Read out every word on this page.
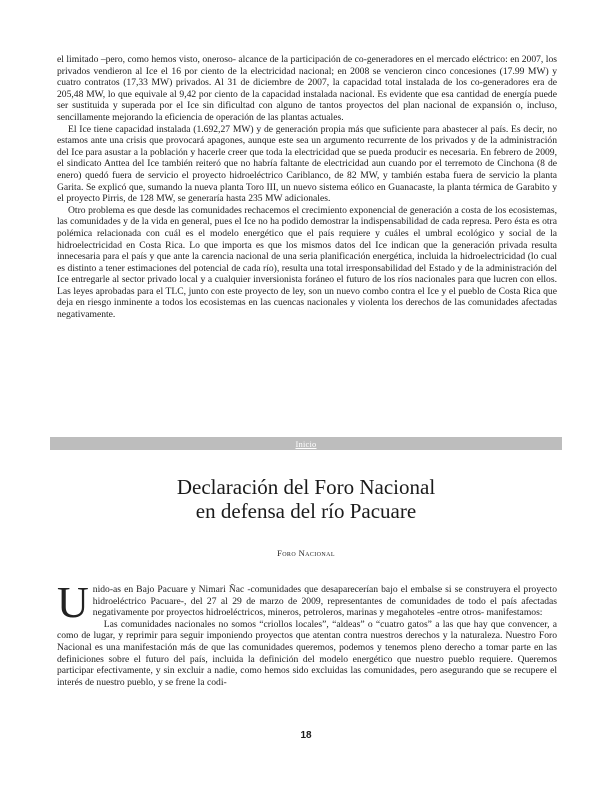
el limitado –pero, como hemos visto, oneroso- alcance de la participación de co-generadores en el mercado eléctrico: en 2007, los privados vendieron al Ice el 16 por ciento de la electricidad nacional; en 2008 se vencieron cinco concesiones (17.99 MW) y cuatro contratos (17,33 MW) privados. Al 31 de diciembre de 2007, la capacidad total instalada de los co-generadores era de 205,48 MW, lo que equivale al 9,42 por ciento de la capacidad instalada nacional. Es evidente que esa cantidad de energía puede ser sustituida y superada por el Ice sin dificultad con alguno de tantos proyectos del plan nacional de expansión o, incluso, sencillamente mejorando la eficiencia de operación de las plantas actuales.

El Ice tiene capacidad instalada (1.692,27 MW) y de generación propia más que suficiente para abastecer al país. Es decir, no estamos ante una crisis que provocará apagones, aunque este sea un argumento recurrente de los privados y de la administración del Ice para asustar a la población y hacerle creer que toda la electricidad que se pueda producir es necesaria. En febrero de 2009, el sindicato Anttea del Ice también reiteró que no habría faltante de electricidad aun cuando por el terremoto de Cinchona (8 de enero) quedó fuera de servicio el proyecto hidroeléctrico Cariblanco, de 82 MW, y también estaba fuera de servicio la planta Garita. Se explicó que, sumando la nueva planta Toro III, un nuevo sistema eólico en Guanacaste, la planta térmica de Garabito y el proyecto Pirris, de 128 MW, se generaría hasta 235 MW adicionales.

Otro problema es que desde las comunidades rechacemos el crecimiento exponencial de generación a costa de los ecosistemas, las comunidades y de la vida en general, pues el Ice no ha podido demostrar la indispensabilidad de cada represa. Pero ésta es otra polémica relacionada con cuál es el modelo energético que el país requiere y cuáles el umbral ecológico y social de la hidroelectricidad en Costa Rica. Lo que importa es que los mismos datos del Ice indican que la generación privada resulta innecesaria para el país y que ante la carencia nacional de una seria planificación energética, incluida la hidroelectricidad (lo cual es distinto a tener estimaciones del potencial de cada río), resulta una total irresponsabilidad del Estado y de la administración del Ice entregarle al sector privado local y a cualquier inversionista foráneo el futuro de los ríos nacionales para que lucren con ellos. Las leyes aprobadas para el TLC, junto con este proyecto de ley, son un nuevo combo contra el Ice y el pueblo de Costa Rica que deja en riesgo inminente a todos los ecosistemas en las cuencas nacionales y violenta los derechos de las comunidades afectadas negativamente.

Inicio
Declaración del Foro Nacional
en defensa del río Pacuare
Foro Nacional

Unido-as en Bajo Pacuare y Nimari Ñac -comunidades que desaparecerían bajo el embalse si se construyera el proyecto hidroeléctrico Pacuare-, del 27 al 29 de marzo de 2009, representantes de comunidades de todo el país afectadas negativamente por proyectos hidroeléctricos, mineros, petroleros, marinas y megahoteles -entre otros- manifestamos:

Las comunidades nacionales no somos “criollos locales”, “aldeas” o “cuatro gatos” a las que hay que convencer, a como de lugar, y reprimir para seguir imponiendo proyectos que atentan contra nuestros derechos y la naturaleza. Nuestro Foro Nacional es una manifestación más de que las comunidades queremos, podemos y tenemos pleno derecho a tomar parte en las definiciones sobre el futuro del país, incluida la definición del modelo energético que nuestro pueblo requiere. Queremos participar efectivamente, y sin excluir a nadie, como hemos sido excluidas las comunidades, pero asegurando que se recupere el interés de nuestro pueblo, y se frene la codi-

18
